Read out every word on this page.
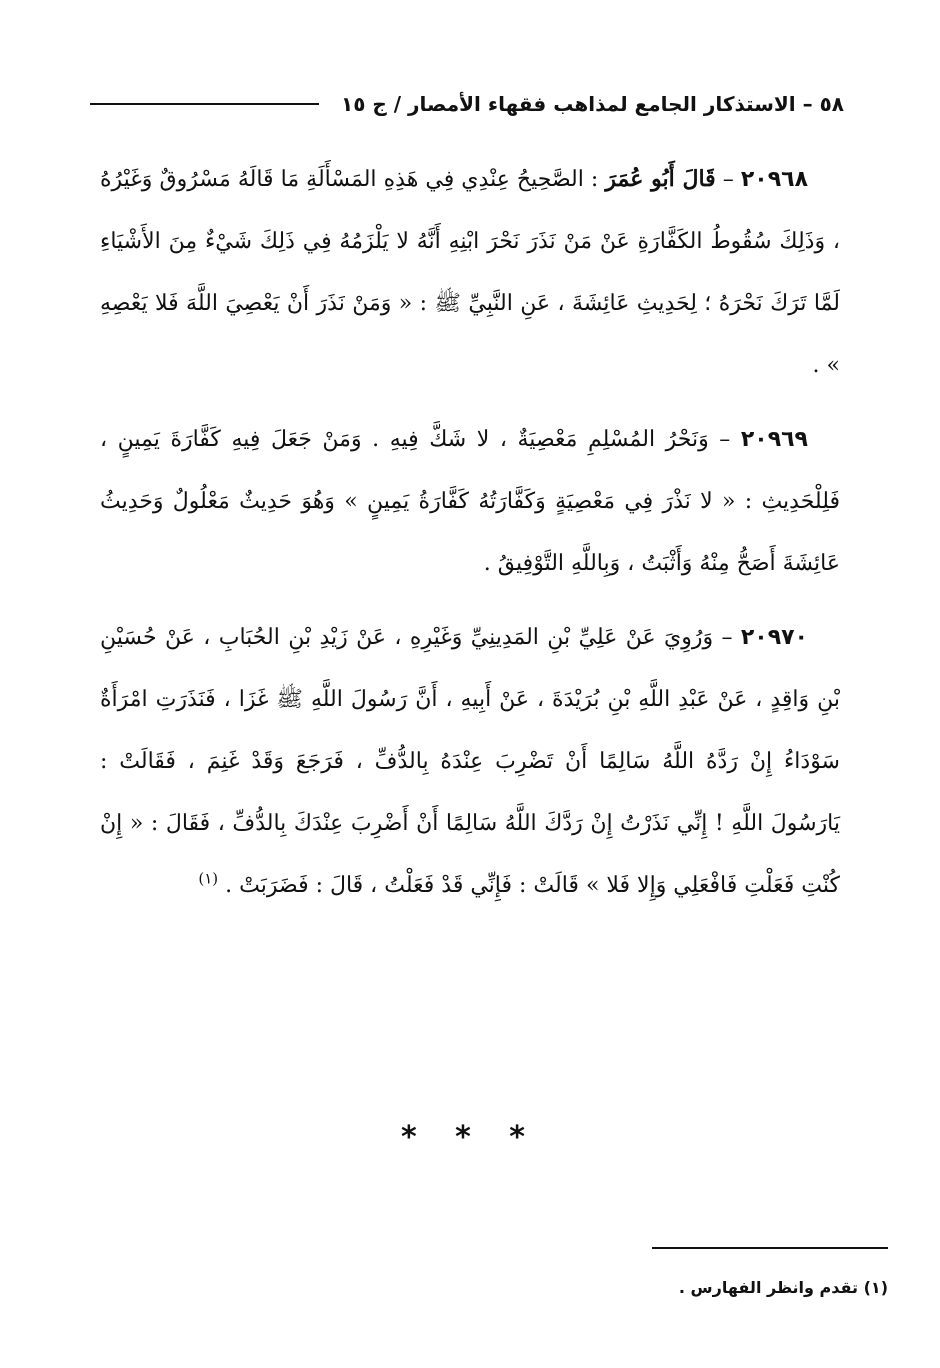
٥٨ – الاستذكار الجامع لمذاهب فقهاء الأمصار / ج ١٥

٢٠٩٦٨ – قَالَ أَبُو عُمَرَ : الصَّحِيحُ عِنْدِي فِي هَذِهِ المَسْأَلَةِ مَا قَالَهُ مَسْرُوقٌ وَغَيْرُهُ ، وَذَلِكَ سُقُوطُ الكَفَّارَةِ عَنْ مَنْ نَذَرَ نَحْرَ ابْنِهِ أَنَّهُ لا يَلْزَمُهُ فِي ذَلِكَ شَيْءٌ مِنَ الأَشْيَاءِ لَمَّا تَرَكَ نَحْرَهُ ؛ لِحَدِيثِ عَائِشَةَ ، عَنِ النَّبِيِّ ﷺ : « وَمَنْ نَذَرَ أَنْ يَعْصِيَ اللَّهَ فَلا يَعْصِهِ » .

٢٠٩٦٩ – وَنَحْرُ المُسْلِمِ مَعْصِيَةٌ ، لا شَكَّ فِيهِ . وَمَنْ جَعَلَ فِيهِ كَفَّارَةَ يَمِينٍ ، فَلِلْحَدِيثِ : « لا نَذْرَ فِي مَعْصِيَةٍ وَكَفَّارَتُهُ كَفَّارَةُ يَمِينٍ » وَهُوَ حَدِيثٌ مَعْلُولٌ وَحَدِيثُ عَائِشَةَ أَصَحُّ مِنْهُ وَأَثْبَتُ ، وَبِاللَّهِ التَّوْفِيقُ .

٢٠٩٧٠ – وَرُوِيَ عَنْ عَلِيِّ بْنِ المَدِينِيِّ وَغَيْرِهِ ، عَنْ زَيْدِ بْنِ الحُبَابِ ، عَنْ حُسَيْنِ بْنِ وَاقِدٍ ، عَنْ عَبْدِ اللَّهِ بْنِ بُرَيْدَةَ ، عَنْ أَبِيهِ ، أَنَّ رَسُولَ اللَّهِ ﷺ غَزَا ، فَنَذَرَتِ امْرَأَةٌ سَوْدَاءُ إِنْ رَدَّهُ اللَّهُ سَالِمًا أَنْ تَضْرِبَ عِنْدَهُ بِالدُّفِّ ، فَرَجَعَ وَقَدْ غَنِمَ ، فَقَالَتْ : يَارَسُولَ اللَّهِ ! إِنِّي نَذَرْتُ إِنْ رَدَّكَ اللَّهُ سَالِمًا أَنْ أَضْرِبَ عِنْدَكَ بِالدُّفِّ ، فَقَالَ : « إِنْ كُنْتِ فَعَلْتِ فَافْعَلِي وَإِلا فَلا » قَالَتْ : فَإِنِّي قَدْ فَعَلْتُ ، قَالَ : فَضَرَبَتْ . $^{(١)}$

* * *
(١) تقدم وانظر الفهارس .
